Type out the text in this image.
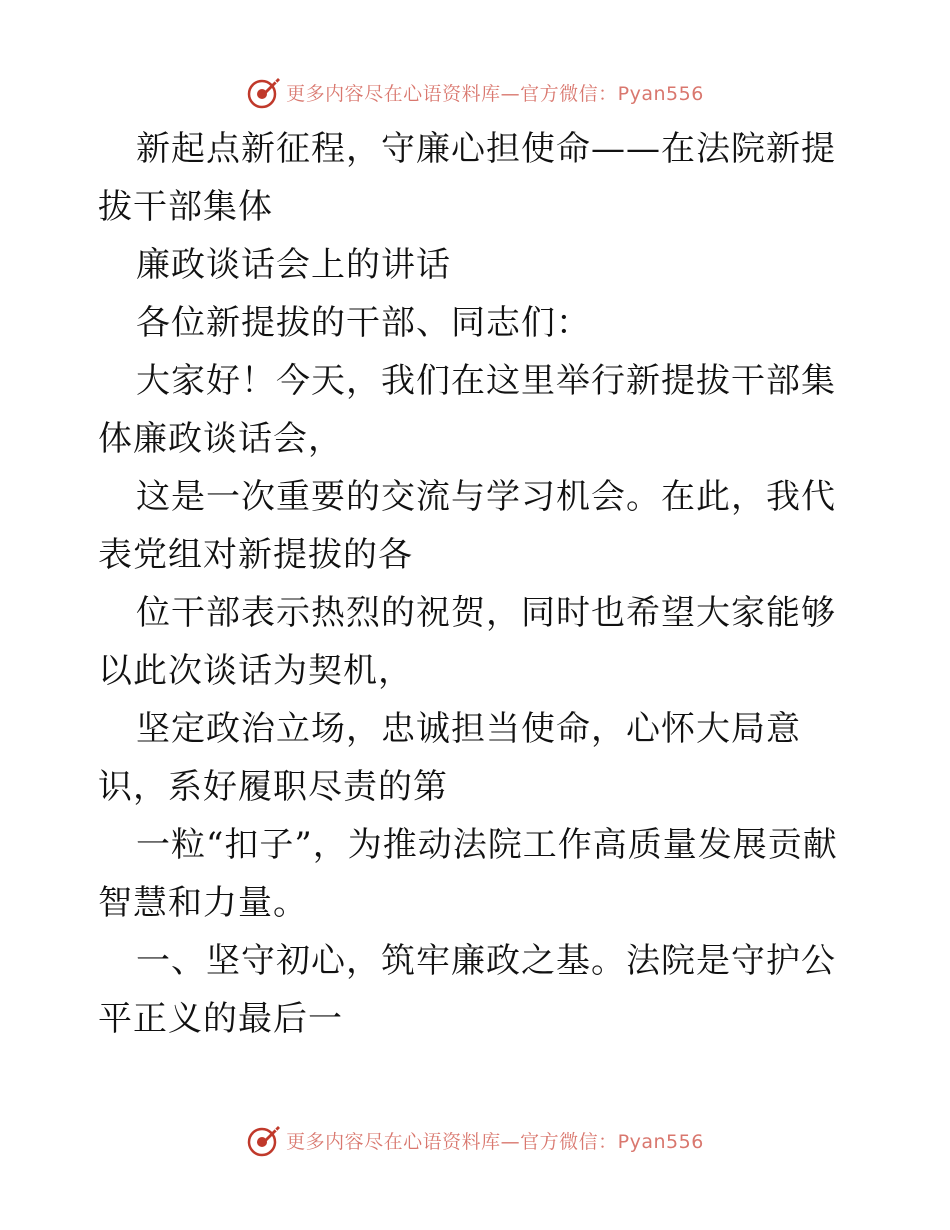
更多内容尽在心语资料库—官方微信：Pyan556

新起点新征程，守廉心担使命——在法院新提拔干部集体

廉政谈话会上的讲话

各位新提拔的干部、同志们：

大家好！今天，我们在这里举行新提拔干部集体廉政谈话会，

这是一次重要的交流与学习机会。在此，我代表党组对新提拔的各

位干部表示热烈的祝贺，同时也希望大家能够以此次谈话为契机，

坚定政治立场，忠诚担当使命，心怀大局意识，系好履职尽责的第

一粒“扣子”，为推动法院工作高质量发展贡献智慧和力量。

一、坚守初心，筑牢廉政之基。法院是守护公平正义的最后一

更多内容尽在心语资料库—官方微信：Pyan556
